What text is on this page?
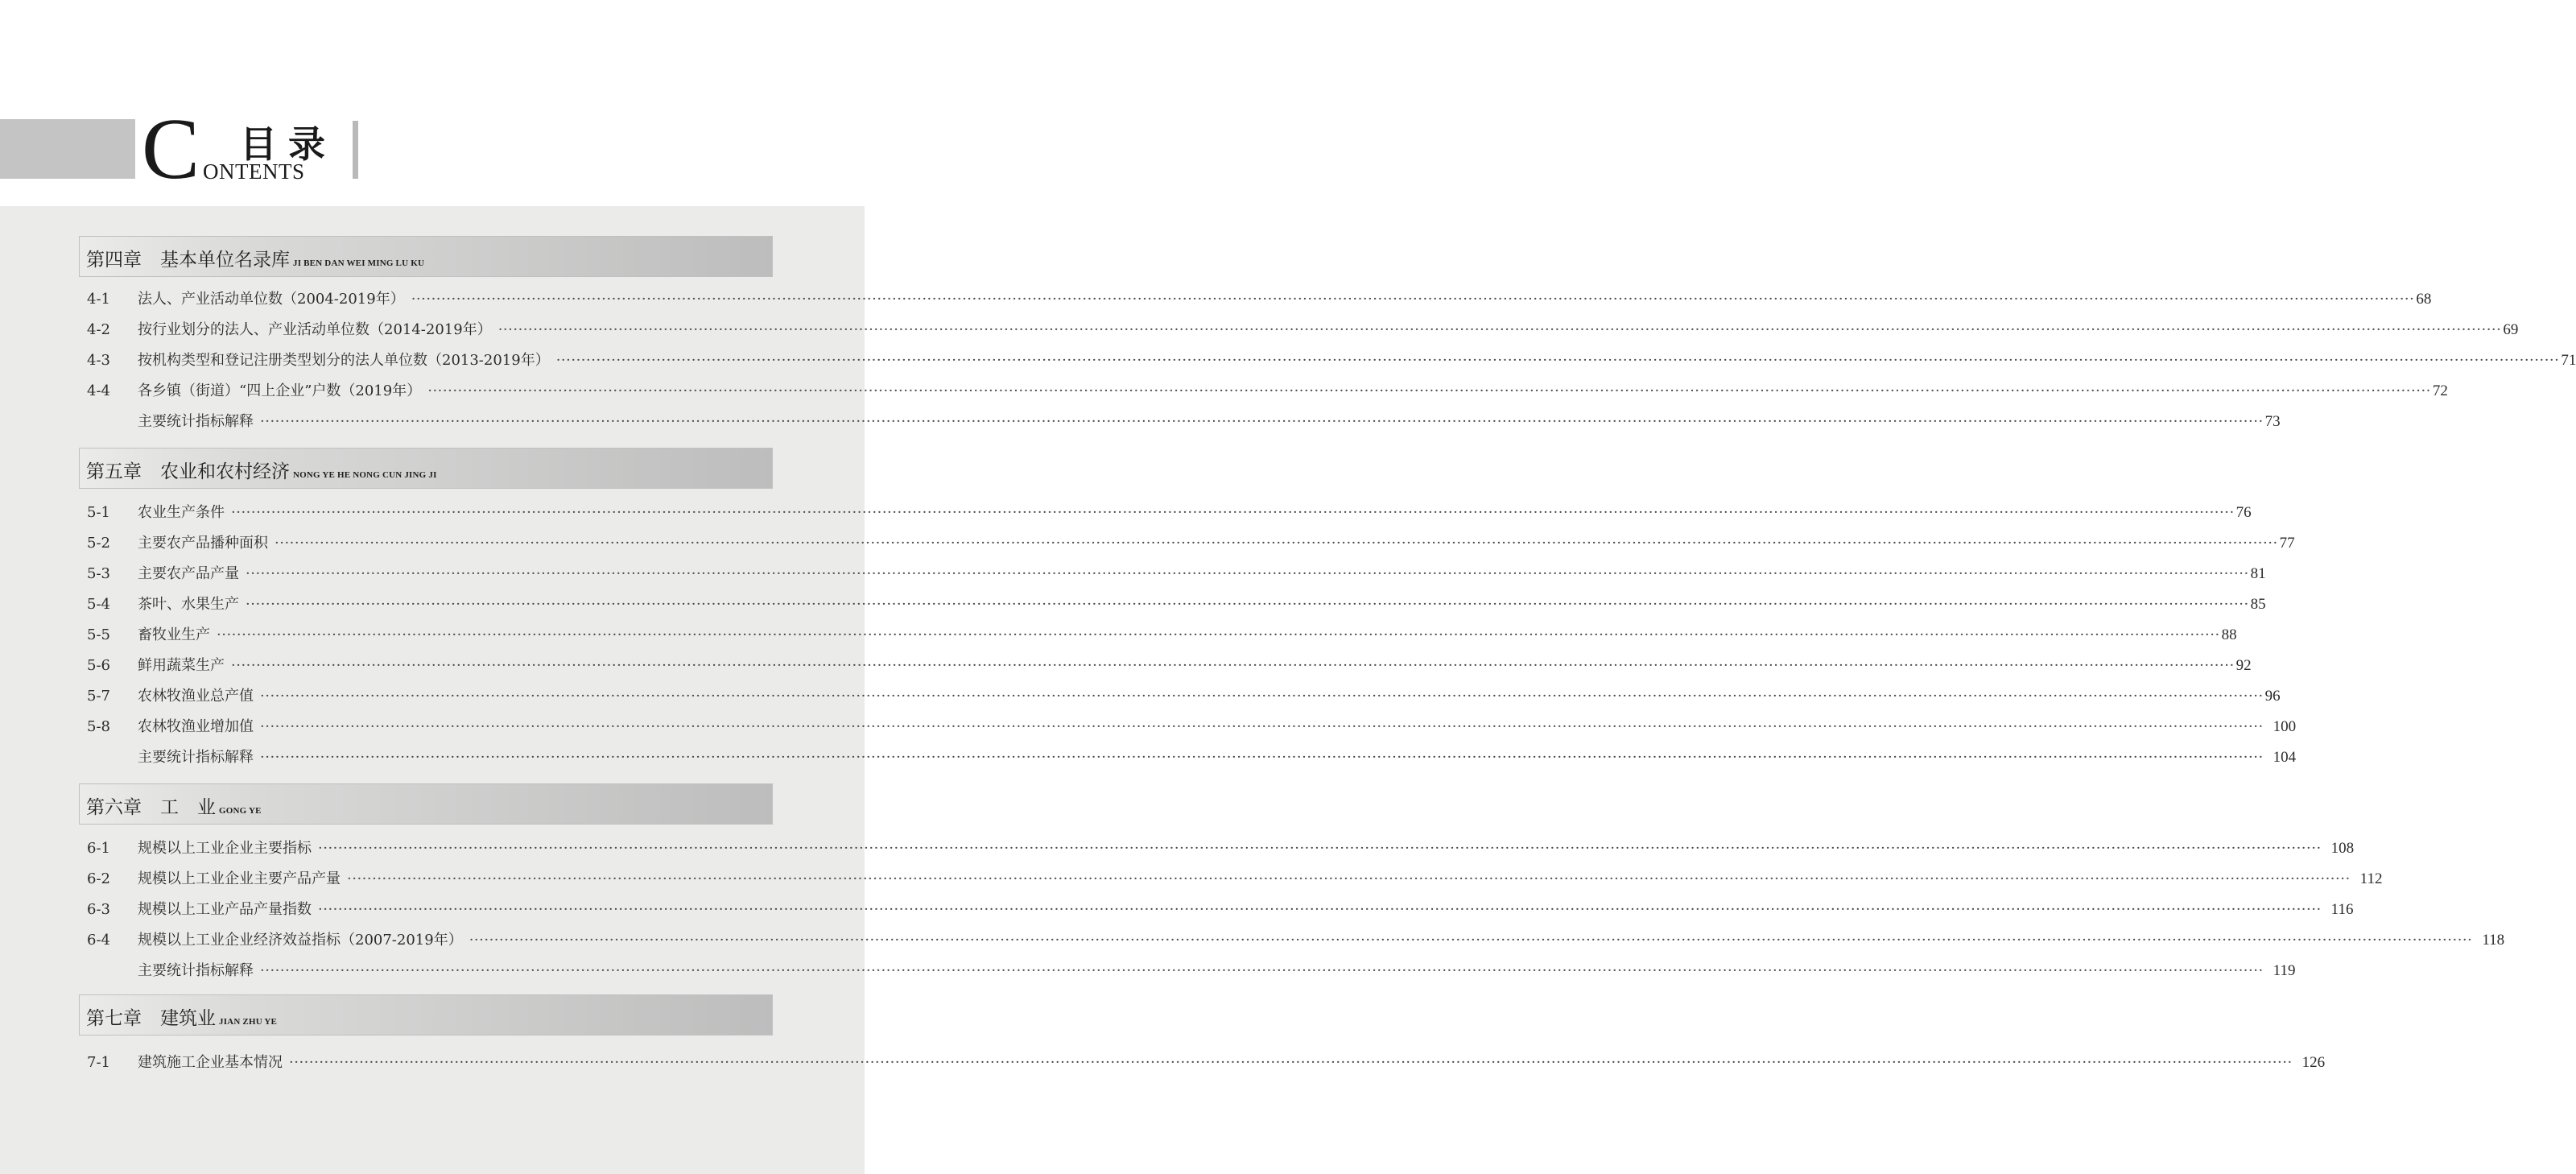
C 目录
ONTENTS
第四章　基本单位名录库 JI BEN DAN WEI MING LU KU
4-1 法人、产业活动单位数（2004-2019年） ················································································································································································································································································································································································································ 68
4-2 按行业划分的法人、产业活动单位数（2014-2019年） ················································································································································································································································································································································································································ 69
4-3 按机构类型和登记注册类型划分的法人单位数（2013-2019年） ················································································································································································································································································································································································································ 71
4-4 各乡镇（街道）“四上企业”户数（2019年） ················································································································································································································································································································································································································ 72
主要统计指标解释 ················································································································································································································································································································································································································ 73
第五章　农业和农村经济 NONG YE HE NONG CUN JING JI
5-1 农业生产条件 ················································································································································································································································································································································································································ 76
5-2 主要农产品播种面积 ················································································································································································································································································································································································································ 77
5-3 主要农产品产量 ················································································································································································································································································································································································································ 81
5-4 茶叶、水果生产 ················································································································································································································································································································································································································ 85
5-5 畜牧业生产 ················································································································································································································································································································································································································ 88
5-6 鲜用蔬菜生产 ················································································································································································································································································································································································································ 92
5-7 农林牧渔业总产值 ················································································································································································································································································································································································································ 96
5-8 农林牧渔业增加值 ················································································································································································································································································································································································································ 100
主要统计指标解释 ················································································································································································································································································································································································································ 104
第六章　工　业 GONG YE
6-1 规模以上工业企业主要指标 ················································································································································································································································································································································································································ 108
6-2 规模以上工业企业主要产品产量 ················································································································································································································································································································································································································ 112
6-3 规模以上工业产品产量指数 ················································································································································································································································································································································································································ 116
6-4 规模以上工业企业经济效益指标（2007-2019年） ················································································································································································································································································································································································································ 118
主要统计指标解释 ················································································································································································································································································································································································································ 119
第七章　建筑业 JIAN ZHU YE
7-1 建筑施工企业基本情况 ················································································································································································································································································································································································································ 126
